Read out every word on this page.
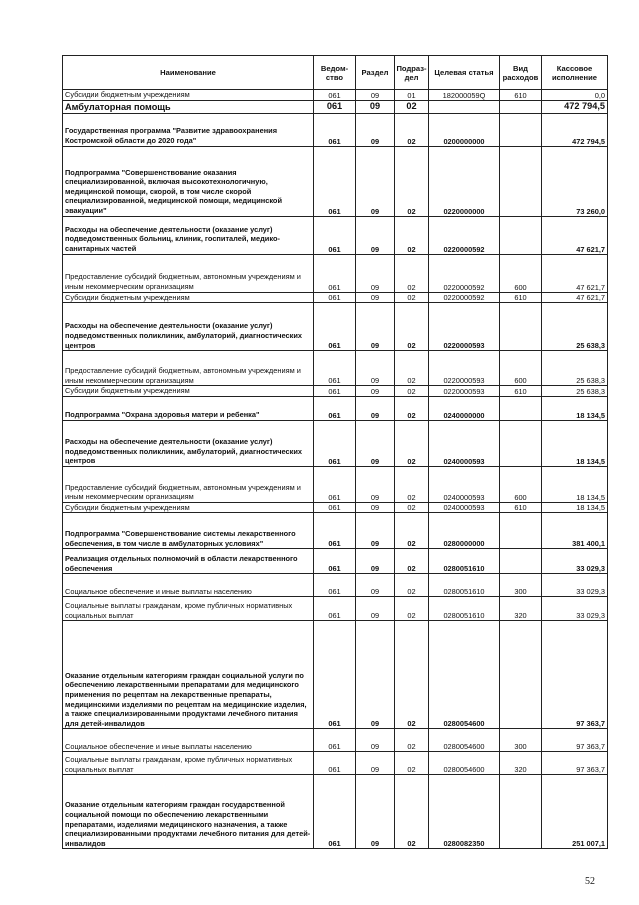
Наименование	Ведом-ство	Раздел	Подраз-дел	Целевая статья	Вид расходов	Кассовое исполнение
Субсидии бюджетным учреждениям	061	09	01	182000059Q	610	0,0
Амбулаторная помощь	061	09	02			472 794,5
Государственная программа "Развитие здравоохранения Костромской области до 2020 года"	061	09	02	0200000000		472 794,5
Подпрограмма "Совершенствование оказания специализированной, включая высокотехнологичную, медицинской помощи, скорой, в том числе скорой специализированной, медицинской помощи, медицинской эвакуации"	061	09	02	0220000000		73 260,0
Расходы на обеспечение деятельности (оказание услуг) подведомственных больниц, клиник, госпиталей, медико-санитарных частей	061	09	02	0220000592		47 621,7
Предоставление субсидий бюджетным, автономным учреждениям и иным некоммерческим организациям	061	09	02	0220000592	600	47 621,7
Субсидии бюджетным учреждениям	061	09	02	0220000592	610	47 621,7
Расходы на обеспечение деятельности (оказание услуг) подведомственных поликлиник, амбулаторий, диагностических центров	061	09	02	0220000593		25 638,3
Предоставление субсидий бюджетным, автономным учреждениям и иным некоммерческим организациям	061	09	02	0220000593	600	25 638,3
Субсидии бюджетным учреждениям	061	09	02	0220000593	610	25 638,3
Подпрограмма "Охрана здоровья матери и ребенка"	061	09	02	0240000000		18 134,5
Расходы на обеспечение деятельности (оказание услуг) подведомственных поликлиник, амбулаторий, диагностических центров	061	09	02	0240000593		18 134,5
Предоставление субсидий бюджетным, автономным учреждениям и иным некоммерческим организациям	061	09	02	0240000593	600	18 134,5
Субсидии бюджетным учреждениям	061	09	02	0240000593	610	18 134,5
Подпрограмма "Совершенствование системы лекарственного обеспечения, в том числе в амбулаторных условиях"	061	09	02	0280000000		381 400,1
Реализация отдельных полномочий в области лекарственного обеспечения	061	09	02	0280051610		33 029,3
Социальное обеспечение и иные выплаты населению	061	09	02	0280051610	300	33 029,3
Социальные выплаты гражданам, кроме публичных нормативных социальных выплат	061	09	02	0280051610	320	33 029,3
Оказание отдельным категориям граждан социальной услуги по обеспечению лекарственными препаратами для медицинского применения по рецептам на лекарственные препараты, медицинскими изделиями по рецептам на медицинские изделия, а также специализированными продуктами лечебного питания для детей-инвалидов	061	09	02	0280054600		97 363,7
Социальное обеспечение и иные выплаты населению	061	09	02	0280054600	300	97 363,7
Социальные выплаты гражданам, кроме публичных нормативных социальных выплат	061	09	02	0280054600	320	97 363,7
Оказание отдельным категориям граждан государственной социальной помощи по обеспечению лекарственными препаратами, изделиями медицинского назначения, а также специализированными продуктами лечебного питания для детей-инвалидов	061	09	02	0280082350		251 007,1
52
